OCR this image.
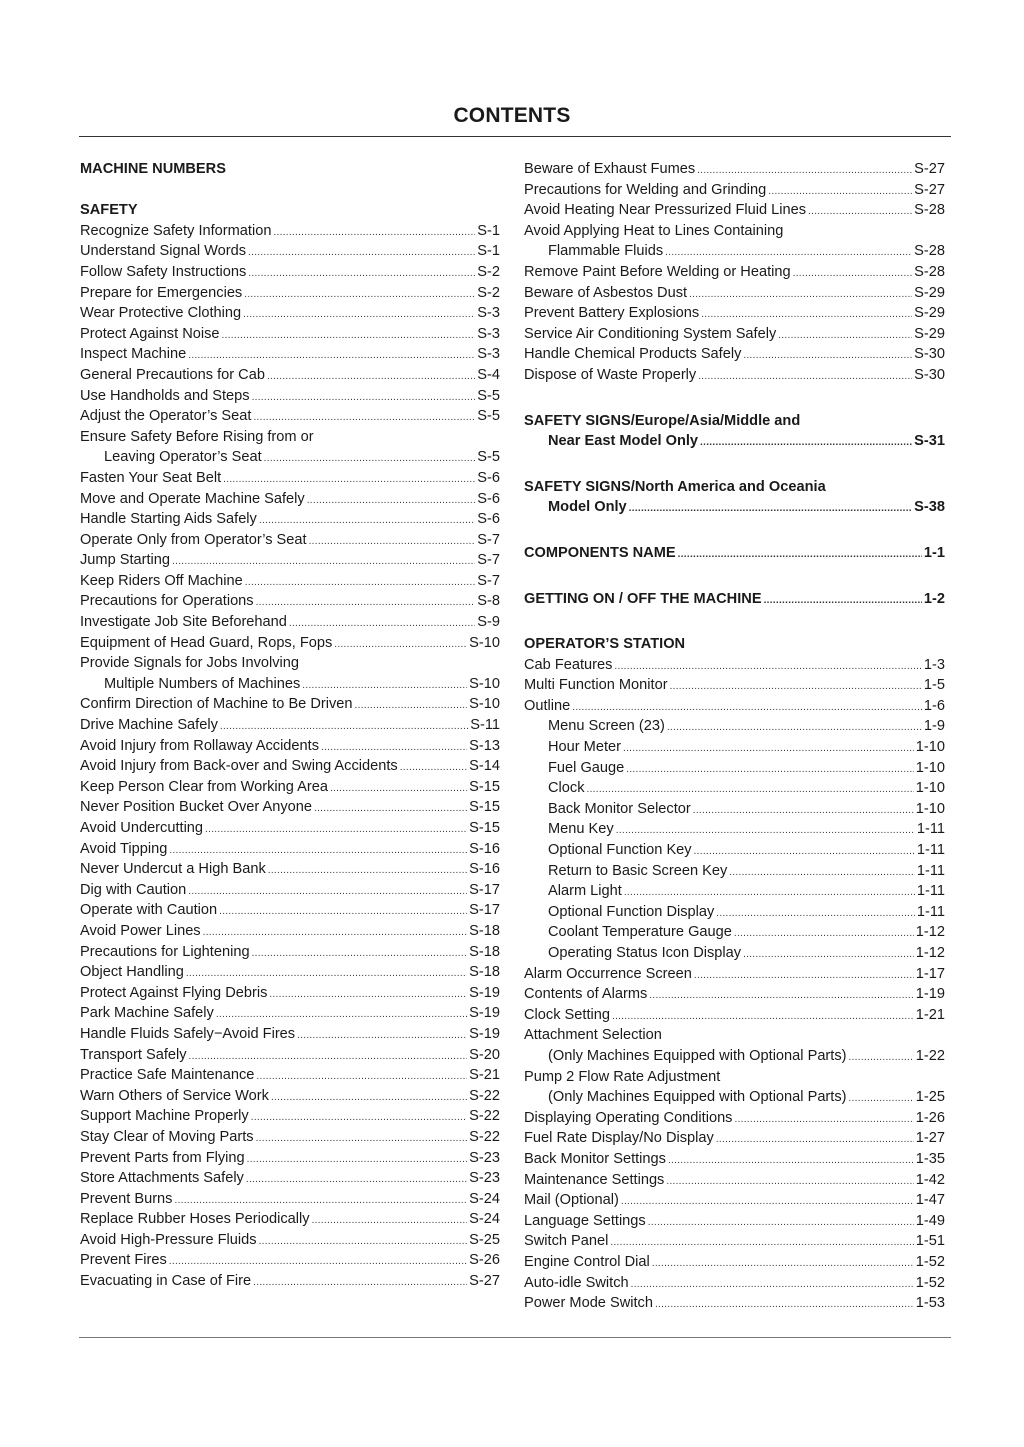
CONTENTS
MACHINE NUMBERS
SAFETY
Recognize Safety Information .....	S-1
Understand Signal Words .....	S-1
Follow Safety Instructions .....	S-2
Prepare for Emergencies .....	S-2
Wear Protective Clothing .....	S-3
Protect Against Noise .....	S-3
Inspect Machine .....	S-3
General Precautions for Cab .....	S-4
Use Handholds and Steps .....	S-5
Adjust the Operator’s Seat .....	S-5
Ensure Safety Before Rising from or
Leaving Operator’s Seat .....	S-5
Fasten Your Seat Belt .....	S-6
Move and Operate Machine Safely .....	S-6
Handle Starting Aids Safely .....	S-6
Operate Only from Operator’s Seat .....	S-7
Jump Starting .....	S-7
Keep Riders Off Machine .....	S-7
Precautions for Operations .....	S-8
Investigate Job Site Beforehand .....	S-9
Equipment of Head Guard, Rops, Fops .....	S-10
Provide Signals for Jobs Involving
Multiple Numbers of Machines .....	S-10
Confirm Direction of Machine to Be Driven .....	S-10
Drive Machine Safely .....	S-11
Avoid Injury from Rollaway Accidents .....	S-13
Avoid Injury from Back-over and Swing Accidents .....	S-14
Keep Person Clear from Working Area .....	S-15
Never Position Bucket Over Anyone .....	S-15
Avoid Undercutting .....	S-15
Avoid Tipping .....	S-16
Never Undercut a High Bank .....	S-16
Dig with Caution .....	S-17
Operate with Caution .....	S-17
Avoid Power Lines .....	S-18
Precautions for Lightening .....	S-18
Object Handling .....	S-18
Protect Against Flying Debris .....	S-19
Park Machine Safely .....	S-19
Handle Fluids Safely−Avoid Fires .....	S-19
Transport Safely .....	S-20
Practice Safe Maintenance .....	S-21
Warn Others of Service Work .....	S-22
Support Machine Properly .....	S-22
Stay Clear of Moving Parts .....	S-22
Prevent Parts from Flying .....	S-23
Store Attachments Safely .....	S-23
Prevent Burns .....	S-24
Replace Rubber Hoses Periodically .....	S-24
Avoid High-Pressure Fluids .....	S-25
Prevent Fires .....	S-26
Evacuating in Case of Fire .....	S-27
Beware of Exhaust Fumes .....	S-27
Precautions for Welding and Grinding .....	S-27
Avoid Heating Near Pressurized Fluid Lines .....	S-28
Avoid Applying Heat to Lines Containing
Flammable Fluids .....	S-28
Remove Paint Before Welding or Heating .....	S-28
Beware of Asbestos Dust .....	S-29
Prevent Battery Explosions .....	S-29
Service Air Conditioning System Safely .....	S-29
Handle Chemical Products Safely .....	S-30
Dispose of Waste Properly .....	S-30
SAFETY SIGNS/Europe/Asia/Middle and
Near East Model Only .....	S-31
SAFETY SIGNS/North America and Oceania
Model Only .....	S-38
COMPONENTS NAME .....	1-1
GETTING ON / OFF THE MACHINE .....	1-2
OPERATOR’S STATION
Cab Features .....	1-3
Multi Function Monitor .....	1-5
Outline .....	1-6
Menu Screen (23) .....	1-9
Hour Meter .....	1-10
Fuel Gauge .....	1-10
Clock .....	1-10
Back Monitor Selector .....	1-10
Menu Key .....	1-11
Optional Function Key .....	1-11
Return to Basic Screen Key .....	1-11
Alarm Light .....	1-11
Optional Function Display .....	1-11
Coolant Temperature Gauge .....	1-12
Operating Status Icon Display .....	1-12
Alarm Occurrence Screen .....	1-17
Contents of Alarms .....	1-19
Clock Setting .....	1-21
Attachment Selection
(Only Machines Equipped with Optional Parts) .....	1-22
Pump 2 Flow Rate Adjustment
(Only Machines Equipped with Optional Parts) .....	1-25
Displaying Operating Conditions .....	1-26
Fuel Rate Display/No Display .....	1-27
Back Monitor Settings .....	1-35
Maintenance Settings .....	1-42
Mail (Optional) .....	1-47
Language Settings .....	1-49
Switch Panel .....	1-51
Engine Control Dial .....	1-52
Auto-idle Switch .....	1-52
Power Mode Switch .....	1-53
